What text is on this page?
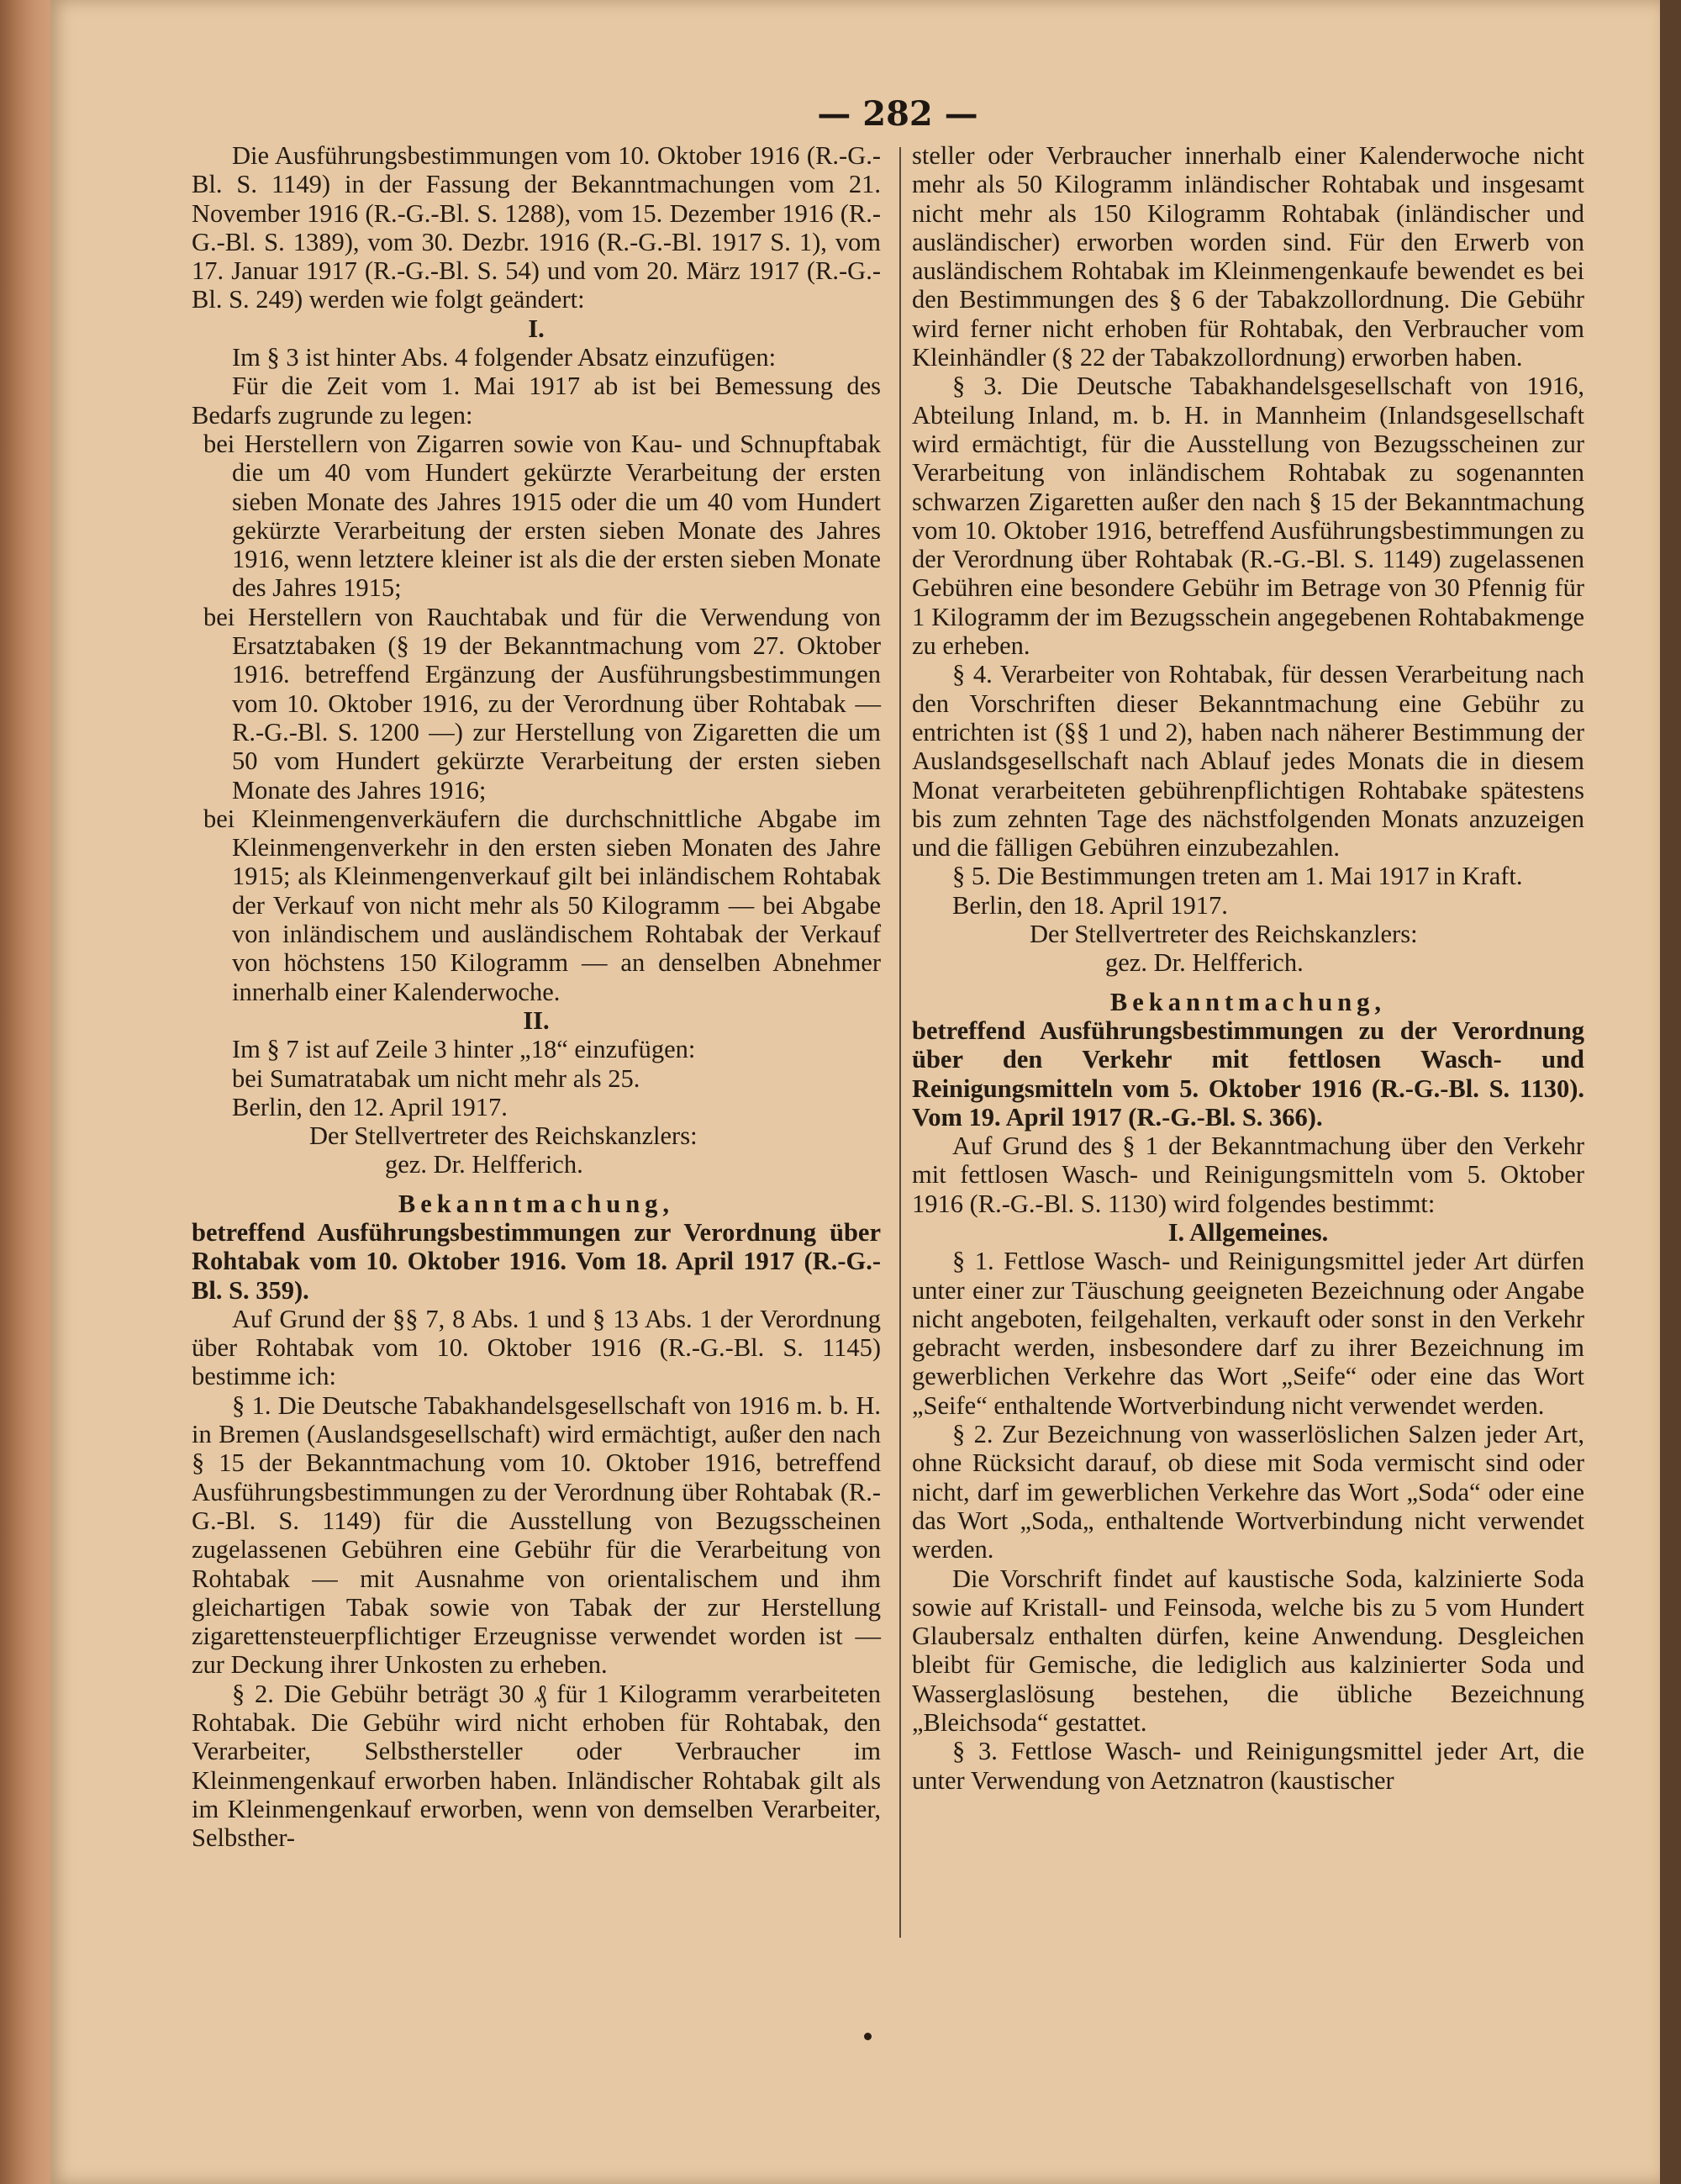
— 282 —

Die Ausführungsbestimmungen vom 10. Oktober 1916 (R.-G.-Bl. S. 1149) in der Fassung der Bekanntmachungen vom 21. November 1916 (R.-G.-Bl. S. 1288), vom 15. Dezember 1916 (R.-G.-Bl. S. 1389), vom 30. Dezbr. 1916 (R.-G.-Bl. 1917 S. 1), vom 17. Januar 1917 (R.-G.-Bl. S. 54) und vom 20. März 1917 (R.-G.-Bl. S. 249) werden wie folgt geändert:

I.

Im § 3 ist hinter Abs. 4 folgender Absatz einzufügen:

Für die Zeit vom 1. Mai 1917 ab ist bei Bemessung des Bedarfs zugrunde zu legen:

bei Herstellern von Zigarren sowie von Kau- und Schnupftabak die um 40 vom Hundert gekürzte Verarbeitung der ersten sieben Monate des Jahres 1915 oder die um 40 vom Hundert gekürzte Verarbeitung der ersten sieben Monate des Jahres 1916, wenn letztere kleiner ist als die der ersten sieben Monate des Jahres 1915;

bei Herstellern von Rauchtabak und für die Verwendung von Ersatztabaken (§ 19 der Bekanntmachung vom 27. Oktober 1916. betreffend Ergänzung der Ausführungsbestimmungen vom 10. Oktober 1916, zu der Verordnung über Rohtabak — R.-G.-Bl. S. 1200 —) zur Herstellung von Zigaretten die um 50 vom Hundert gekürzte Verarbeitung der ersten sieben Monate des Jahres 1916;

bei Kleinmengenverkäufern die durchschnittliche Abgabe im Kleinmengenverkehr in den ersten sieben Monaten des Jahre 1915; als Kleinmengenverkauf gilt bei inländischem Rohtabak der Verkauf von nicht mehr als 50 Kilogramm — bei Abgabe von inländischem und ausländischem Rohtabak der Verkauf von höchstens 150 Kilogramm — an denselben Abnehmer innerhalb einer Kalenderwoche.

II.

Im § 7 ist auf Zeile 3 hinter „18“ einzufügen:

bei Sumatratabak um nicht mehr als 25.

Berlin, den 12. April 1917.

Der Stellvertreter des Reichskanzlers:

gez. Dr. Helfferich.

Bekanntmachung,

betreffend Ausführungsbestimmungen zur Verordnung über Rohtabak vom 10. Oktober 1916. Vom 18. April 1917 (R.-G.-Bl. S. 359).

Auf Grund der §§ 7, 8 Abs. 1 und § 13 Abs. 1 der Verordnung über Rohtabak vom 10. Oktober 1916 (R.-G.-Bl. S. 1145) bestimme ich:

§ 1. Die Deutsche Tabakhandelsgesellschaft von 1916 m. b. H. in Bremen (Auslandsgesellschaft) wird ermächtigt, außer den nach § 15 der Bekanntmachung vom 10. Oktober 1916, betreffend Ausführungsbestimmungen zu der Verordnung über Rohtabak (R.-G.-Bl. S. 1149) für die Ausstellung von Bezugsscheinen zugelassenen Gebühren eine Gebühr für die Verarbeitung von Rohtabak — mit Ausnahme von orientalischem und ihm gleichartigen Tabak sowie von Tabak der zur Herstellung zigarettensteuerpflichtiger Erzeugnisse verwendet worden ist — zur Deckung ihrer Unkosten zu erheben.

§ 2. Die Gebühr beträgt 30 ₰ für 1 Kilogramm verarbeiteten Rohtabak. Die Gebühr wird nicht erhoben für Rohtabak, den Verarbeiter, Selbsthersteller oder Verbraucher im Kleinmengenkauf erworben haben. Inländischer Rohtabak gilt als im Kleinmengenkauf erworben, wenn von demselben Verarbeiter, Selbsther-

steller oder Verbraucher innerhalb einer Kalenderwoche nicht mehr als 50 Kilogramm inländischer Rohtabak und insgesamt nicht mehr als 150 Kilogramm Rohtabak (inländischer und ausländischer) erworben worden sind. Für den Erwerb von ausländischem Rohtabak im Kleinmengenkaufe bewendet es bei den Bestimmungen des § 6 der Tabakzollordnung. Die Gebühr wird ferner nicht erhoben für Rohtabak, den Verbraucher vom Kleinhändler (§ 22 der Tabakzollordnung) erworben haben.

§ 3. Die Deutsche Tabakhandelsgesellschaft von 1916, Abteilung Inland, m. b. H. in Mannheim (Inlandsgesellschaft wird ermächtigt, für die Ausstellung von Bezugsscheinen zur Verarbeitung von inländischem Rohtabak zu sogenannten schwarzen Zigaretten außer den nach § 15 der Bekanntmachung vom 10. Oktober 1916, betreffend Ausführungsbestimmungen zu der Verordnung über Rohtabak (R.-G.-Bl. S. 1149) zugelassenen Gebühren eine besondere Gebühr im Betrage von 30 Pfennig für 1 Kilogramm der im Bezugsschein angegebenen Rohtabakmenge zu erheben.

§ 4. Verarbeiter von Rohtabak, für dessen Verarbeitung nach den Vorschriften dieser Bekanntmachung eine Gebühr zu entrichten ist (§§ 1 und 2), haben nach näherer Bestimmung der Auslandsgesellschaft nach Ablauf jedes Monats die in diesem Monat verarbeiteten gebührenpflichtigen Rohtabake spätestens bis zum zehnten Tage des nächstfolgenden Monats anzuzeigen und die fälligen Gebühren einzubezahlen.

§ 5. Die Bestimmungen treten am 1. Mai 1917 in Kraft.

Berlin, den 18. April 1917.

Der Stellvertreter des Reichskanzlers:

gez. Dr. Helfferich.

Bekanntmachung,

betreffend Ausführungsbestimmungen zu der Verordnung über den Verkehr mit fettlosen Wasch- und Reinigungsmitteln vom 5. Oktober 1916 (R.-G.-Bl. S. 1130). Vom 19. April 1917 (R.-G.-Bl. S. 366).

Auf Grund des § 1 der Bekanntmachung über den Verkehr mit fettlosen Wasch- und Reinigungsmitteln vom 5. Oktober 1916 (R.-G.-Bl. S. 1130) wird folgendes bestimmt:

I. Allgemeines.

§ 1. Fettlose Wasch- und Reinigungsmittel jeder Art dürfen unter einer zur Täuschung geeigneten Bezeichnung oder Angabe nicht angeboten, feilgehalten, verkauft oder sonst in den Verkehr gebracht werden, insbesondere darf zu ihrer Bezeichnung im gewerblichen Verkehre das Wort „Seife“ oder eine das Wort „Seife“ enthaltende Wortverbindung nicht verwendet werden.

§ 2. Zur Bezeichnung von wasserlöslichen Salzen jeder Art, ohne Rücksicht darauf, ob diese mit Soda vermischt sind oder nicht, darf im gewerblichen Verkehre das Wort „Soda“ oder eine das Wort „Soda„ enthaltende Wortverbindung nicht verwendet werden.

Die Vorschrift findet auf kaustische Soda, kalzinierte Soda sowie auf Kristall- und Feinsoda, welche bis zu 5 vom Hundert Glaubersalz enthalten dürfen, keine Anwendung. Desgleichen bleibt für Gemische, die lediglich aus kalzinierter Soda und Wasserglaslösung bestehen, die übliche Bezeichnung „Bleichsoda“ gestattet.

§ 3. Fettlose Wasch- und Reinigungsmittel jeder Art, die unter Verwendung von Aetznatron (kaustischer
